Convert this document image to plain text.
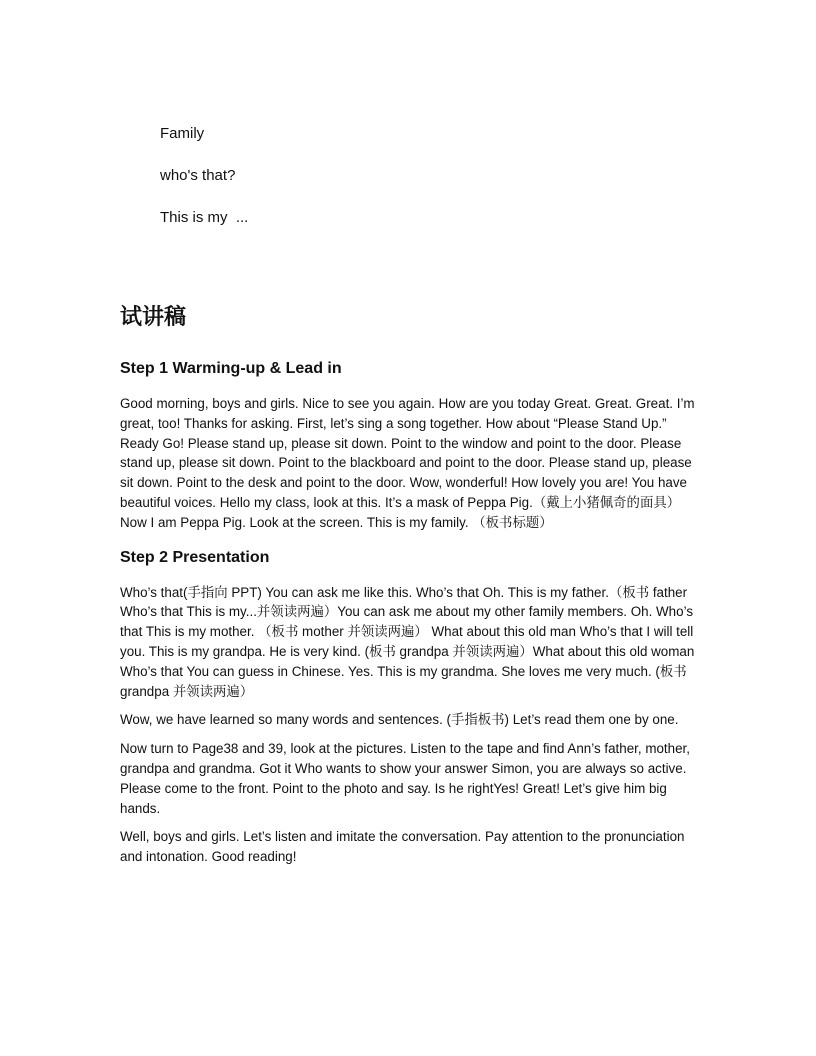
Family
who's that?
This is my  ...
试讲稿
Step 1 Warming-up & Lead in

Good morning, boys and girls. Nice to see you again. How are you today Great. Great. Great. I’m great, too! Thanks for asking. First, let’s sing a song together. How about “Please Stand Up.” Ready Go! Please stand up, please sit down. Point to the window and point to the door. Please stand up, please sit down. Point to the blackboard and point to the door. Please stand up, please sit down. Point to the desk and point to the door. Wow, wonderful! How lovely you are! You have beautiful voices. Hello my class, look at this. It’s a mask of Peppa Pig.（戴上小猪佩奇的面具）Now I am Peppa Pig. Look at the screen. This is my family. （板书标题）

Step 2 Presentation

Who’s that(手指向 PPT) You can ask me like this. Who’s that Oh. This is my father.（板书 father Who’s that This is my...并领读两遍）You can ask me about my other family members. Oh. Who’s that This is my mother. （板书 mother 并领读两遍） What about this old man Who’s that I will tell you. This is my grandpa. He is very kind. (板书 grandpa 并领读两遍）What about this old woman Who’s that You can guess in Chinese. Yes. This is my grandma. She loves me very much. (板书 grandpa 并领读两遍）

Wow, we have learned so many words and sentences. (手指板书) Let’s read them one by one.

Now turn to Page38 and 39, look at the pictures. Listen to the tape and find Ann’s father, mother, grandpa and grandma. Got it Who wants to show your answer Simon, you are always so active. Please come to the front. Point to the photo and say. Is he rightYes! Great! Let’s give him big hands.

Well, boys and girls. Let’s listen and imitate the conversation. Pay attention to the pronunciation and intonation. Good reading!
